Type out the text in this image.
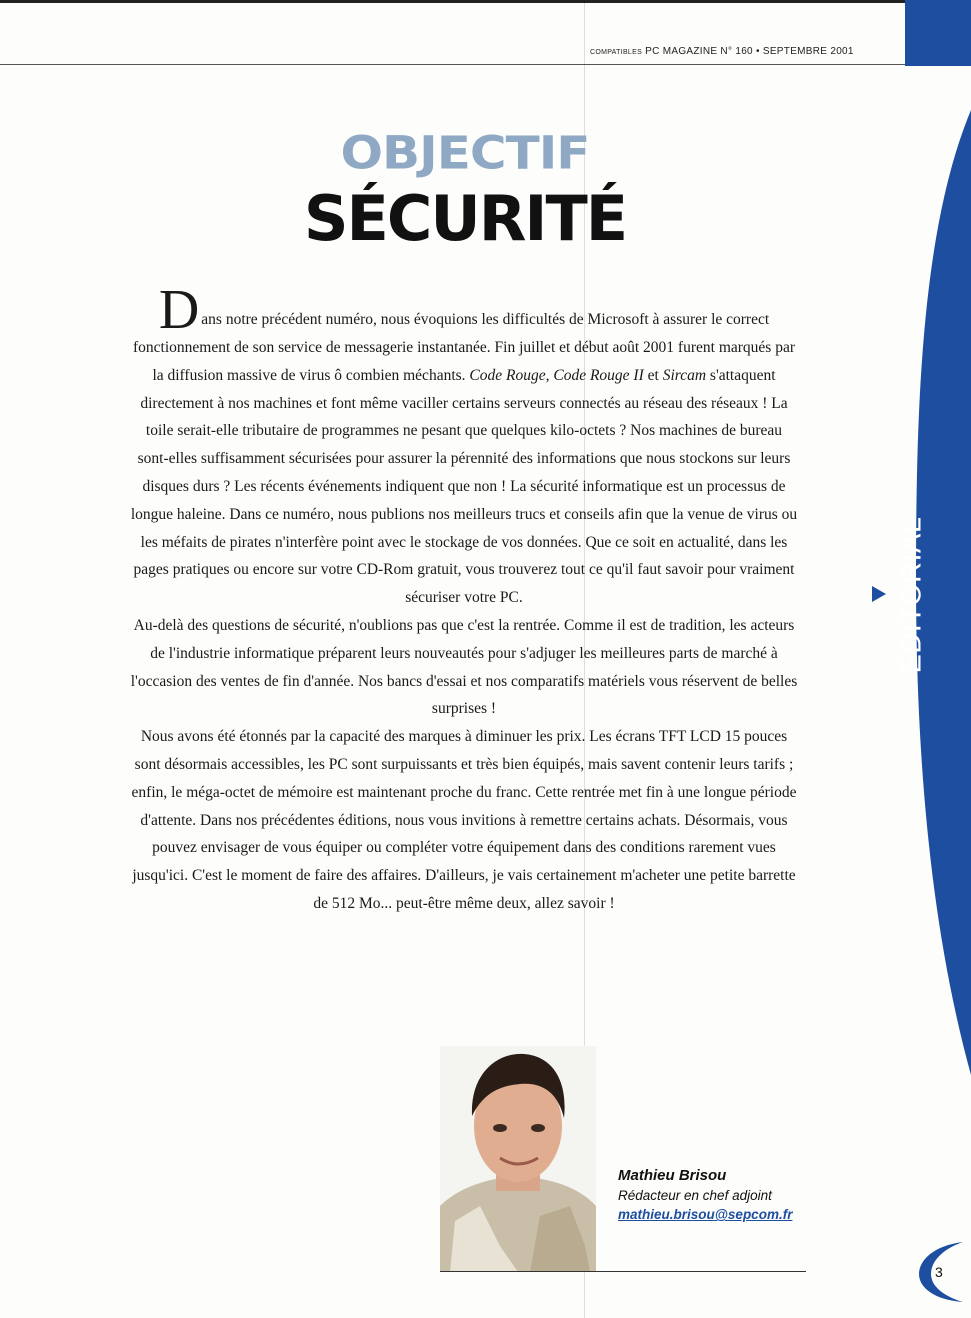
COMPATIBLES PC MAGAZINE N° 160 • SEPTEMBRE 2001
OBJECTIF
SÉCURITÉ

Dans notre précédent numéro, nous évoquions les difficultés de Microsoft à assurer le correct fonctionnement de son service de messagerie instantanée. Fin juillet et début août 2001 furent marqués par la diffusion massive de virus ô combien méchants. Code Rouge, Code Rouge II et Sircam s'attaquent directement à nos machines et font même vaciller certains serveurs connectés au réseau des réseaux ! La toile serait-elle tributaire de programmes ne pesant que quelques kilo-octets ? Nos machines de bureau sont-elles suffisamment sécurisées pour assurer la pérennité des informations que nous stockons sur leurs disques durs ? Les récents événements indiquent que non ! La sécurité informatique est un processus de longue haleine. Dans ce numéro, nous publions nos meilleurs trucs et conseils afin que la venue de virus ou les méfaits de pirates n'interfère point avec le stockage de vos données. Que ce soit en actualité, dans les pages pratiques ou encore sur votre CD-Rom gratuit, vous trouverez tout ce qu'il faut savoir pour vraiment sécuriser votre PC.

Au-delà des questions de sécurité, n'oublions pas que c'est la rentrée. Comme il est de tradition, les acteurs de l'industrie informatique préparent leurs nouveautés pour s'adjuger les meilleures parts de marché à l'occasion des ventes de fin d'année. Nos bancs d'essai et nos comparatifs matériels vous réservent de belles surprises !

Nous avons été étonnés par la capacité des marques à diminuer les prix. Les écrans TFT LCD 15 pouces sont désormais accessibles, les PC sont surpuissants et très bien équipés, mais savent contenir leurs tarifs ; enfin, le méga-octet de mémoire est maintenant proche du franc. Cette rentrée met fin à une longue période d'attente. Dans nos précédentes éditions, nous vous invitions à remettre certains achats. Désormais, vous pouvez envisager de vous équiper ou compléter votre équipement dans des conditions rarement vues jusqu'ici. C'est le moment de faire des affaires. D'ailleurs, je vais certainement m'acheter une petite barrette de 512 Mo... peut-être même deux, allez savoir !

ÉDITORIAL
Mathieu Brisou
Rédacteur en chef adjoint
mathieu.brisou@sepcom.fr
3
